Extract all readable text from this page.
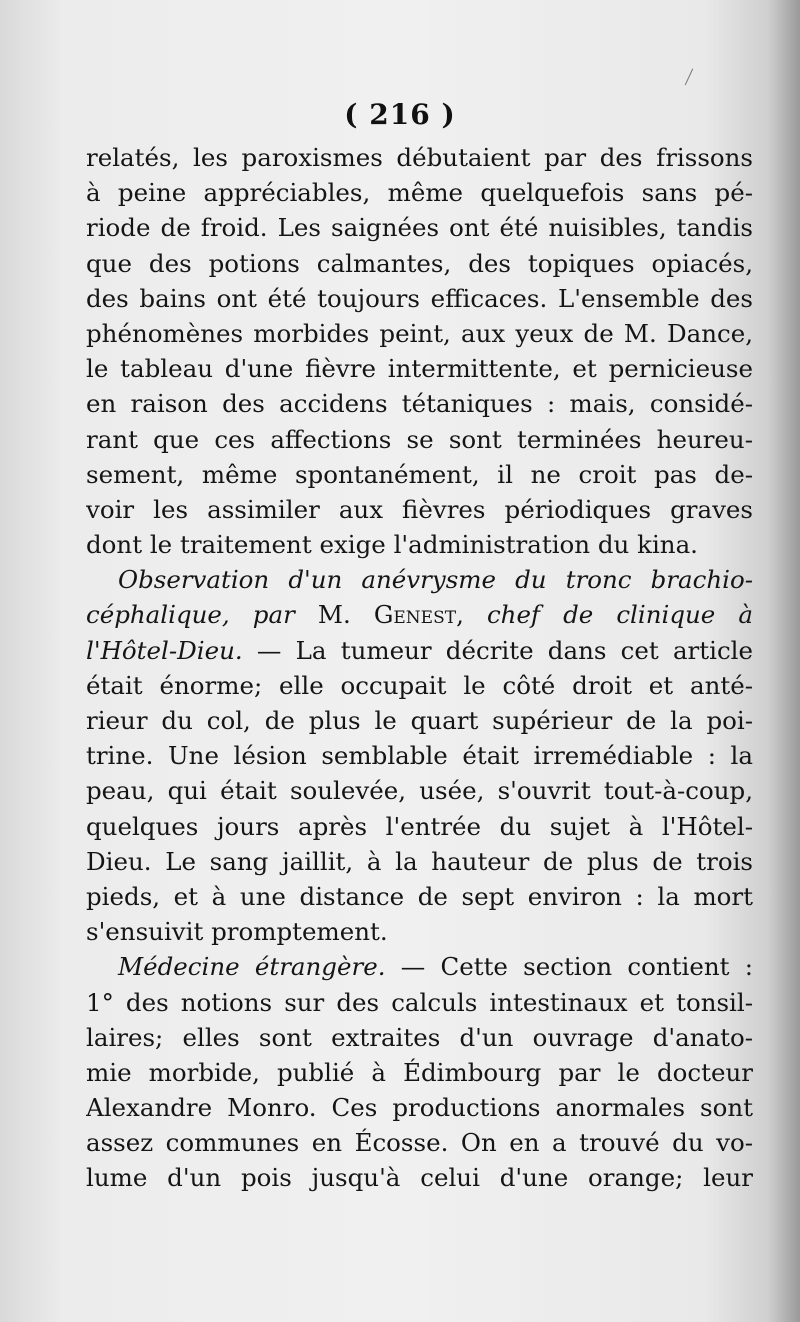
( 216 )
relatés, les paroxismes débutaient par des frissons
à peine appréciables, même quelquefois sans pé-
riode de froid. Les saignées ont été nuisibles, tandis
que des potions calmantes, des topiques opiacés,
des bains ont été toujours efficaces. L'ensemble des
phénomènes morbides peint, aux yeux de M. Dance,
le tableau d'une fièvre intermittente, et pernicieuse
en raison des accidens tétaniques : mais, considé-
rant que ces affections se sont terminées heureu-
sement, même spontanément, il ne croit pas de-
voir les assimiler aux fièvres périodiques graves
dont le traitement exige l'administration du kina.
Observation d'un anévrysme du tronc brachio-
céphalique, par M. Genest, chef de clinique à
l'Hôtel-Dieu. — La tumeur décrite dans cet article
était énorme; elle occupait le côté droit et anté-
rieur du col, de plus le quart supérieur de la poi-
trine. Une lésion semblable était irremédiable : la
peau, qui était soulevée, usée, s'ouvrit tout-à-coup,
quelques jours après l'entrée du sujet à l'Hôtel-
Dieu. Le sang jaillit, à la hauteur de plus de trois
pieds, et à une distance de sept environ : la mort
s'ensuivit promptement.
Médecine étrangère. — Cette section contient :
1° des notions sur des calculs intestinaux et tonsil-
laires; elles sont extraites d'un ouvrage d'anato-
mie morbide, publié à Édimbourg par le docteur
Alexandre Monro. Ces productions anormales sont
assez communes en Écosse. On en a trouvé du vo-
lume d'un pois jusqu'à celui d'une orange; leur
